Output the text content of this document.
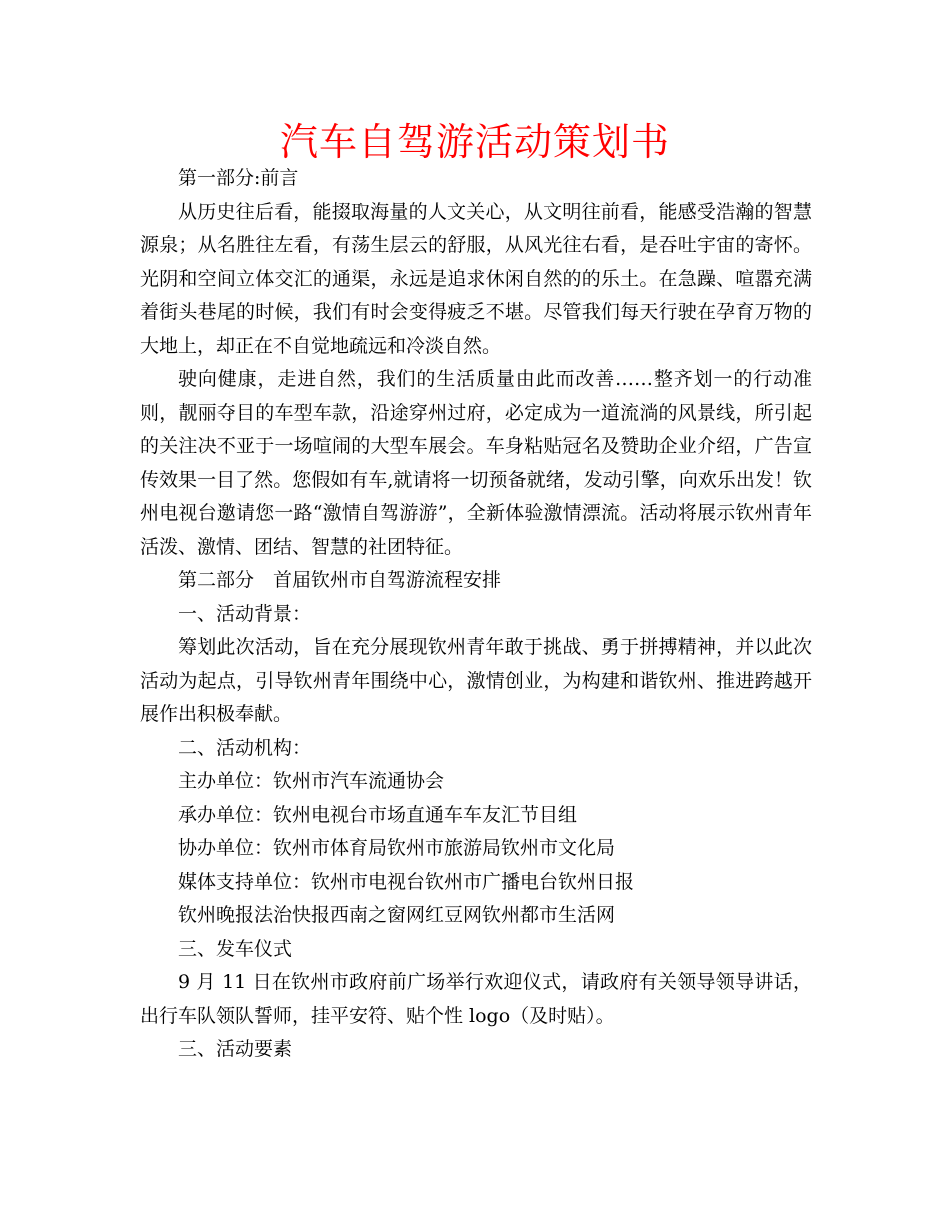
汽车自驾游活动策划书

第一部分:前言

从历史往后看，能掇取海量的人文关心，从文明往前看，能感受浩瀚的智慧源泉；从名胜往左看，有荡生层云的舒服，从风光往右看，是吞吐宇宙的寄怀。光阴和空间立体交汇的通渠，永远是追求休闲自然的的乐土。在急躁、喧嚣充满着街头巷尾的时候，我们有时会变得疲乏不堪。尽管我们每天行驶在孕育万物的大地上，却正在不自觉地疏远和冷淡自然。

驶向健康，走进自然，我们的生活质量由此而改善……整齐划一的行动准则，靓丽夺目的车型车款，沿途穿州过府，必定成为一道流淌的风景线，所引起的关注决不亚于一场喧闹的大型车展会。车身粘贴冠名及赞助企业介绍，广告宣传效果一目了然。您假如有车,就请将一切预备就绪，发动引擎，向欢乐出发！钦州电视台邀请您一路“激情自驾游游”，全新体验激情漂流。活动将展示钦州青年活泼、激情、团结、智慧的社团特征。

第二部分　首届钦州市自驾游流程安排

一、活动背景：

筹划此次活动，旨在充分展现钦州青年敢于挑战、勇于拼搏精神，并以此次活动为起点，引导钦州青年围绕中心，激情创业，为构建和谐钦州、推进跨越开展作出积极奉献。

二、活动机构：

主办单位：钦州市汽车流通协会

承办单位：钦州电视台市场直通车车友汇节目组

协办单位：钦州市体育局钦州市旅游局钦州市文化局

媒体支持单位：钦州市电视台钦州市广播电台钦州日报

钦州晚报法治快报西南之窗网红豆网钦州都市生活网

三、发车仪式

9 月 11 日在钦州市政府前广场举行欢迎仪式，请政府有关领导领导讲话，出行车队领队誓师，挂平安符、贴个性 logo（及时贴）。

三、活动要素
